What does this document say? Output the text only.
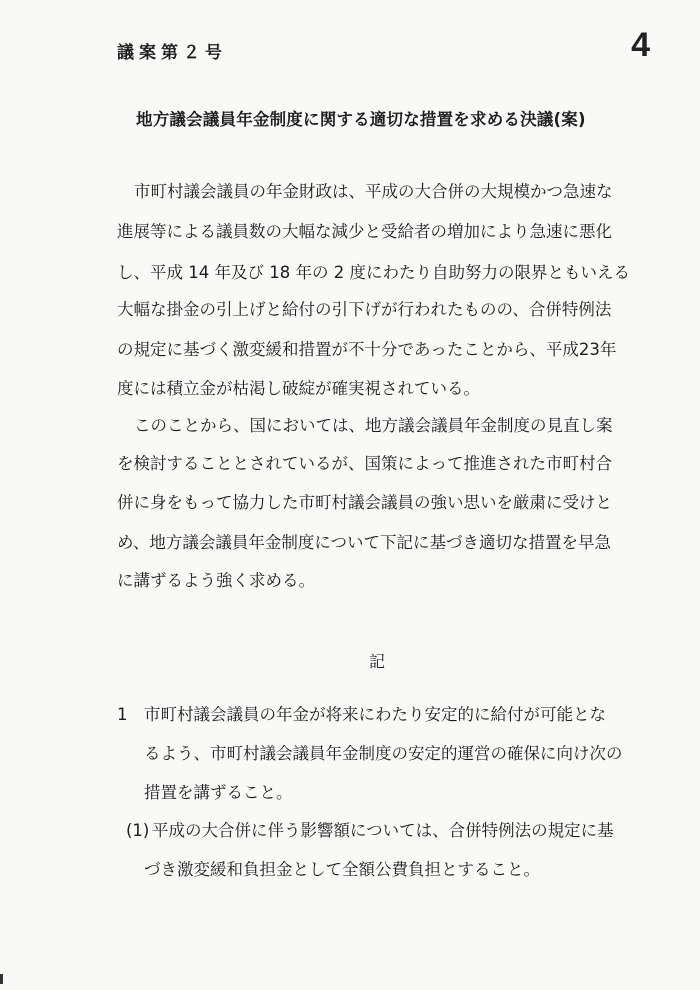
議案第２号	4
地方議会議員年金制度に関する適切な措置を求める決議(案)
市町村議会議員の年金財政は、平成の大合併の大規模かつ急速な
進展等による議員数の大幅な減少と受給者の増加により急速に悪化
し、平成 14 年及び 18 年の 2 度にわたり自助努力の限界ともいえる
大幅な掛金の引上げと給付の引下げが行われたものの、合併特例法
の規定に基づく激変緩和措置が不十分であったことから、平成23年
度には積立金が枯渇し破綻が確実視されている。
このことから、国においては、地方議会議員年金制度の見直し案
を検討することとされているが、国策によって推進された市町村合
併に身をもって協力した市町村議会議員の強い思いを厳粛に受けと
め、地方議会議員年金制度について下記に基づき適切な措置を早急
に講ずるよう強く求める。
記
1 市町村議会議員の年金が将来にわたり安定的に給付が可能とな
るよう、市町村議会議員年金制度の安定的運営の確保に向け次の
措置を講ずること。
(1) 平成の大合併に伴う影響額については、合併特例法の規定に基
づき激変緩和負担金として全額公費負担とすること。
